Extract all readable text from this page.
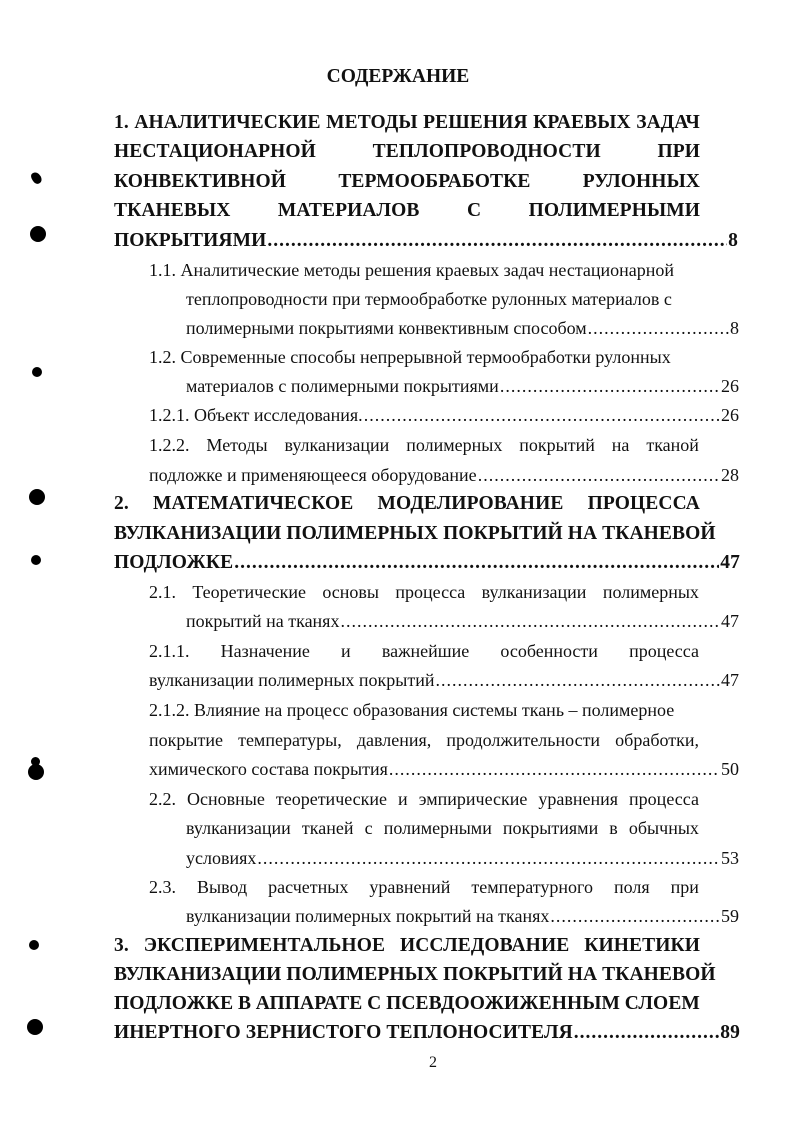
СОДЕРЖАНИЕ
1. АНАЛИТИЧЕСКИЕ МЕТОДЫ РЕШЕНИЯ КРАЕВЫХ ЗАДАЧ
НЕСТАЦИОНАРНОЙ	ТЕПЛОПРОВОДНОСТИ	ПРИ
КОНВЕКТИВНОЙ	ТЕРМООБРАБОТКЕ	РУЛОННЫХ
ТКАНЕВЫХ МАТЕРИАЛОВ С ПОЛИМЕРНЫМИ
ПОКРЫТИЯМИ .....	8
1.1. Аналитические методы решения краевых задач нестационарной
теплопроводности при термообработке рулонных материалов с
полимерными покрытиями конвективным способом .....	8
1.2. Современные способы непрерывной термообработки рулонных
материалов с полимерными покрытиями .....	26
1.2.1. Объект исследования. .....	26
1.2.2. Методы вулканизации полимерных покрытий на тканой
подложке и применяющееся оборудование .....	28
2. МАТЕМАТИЧЕСКОЕ МОДЕЛИРОВАНИЕ ПРОЦЕССА
ВУЛКАНИЗАЦИИ ПОЛИМЕРНЫХ ПОКРЫТИЙ НА ТКАНЕВОЙ
ПОДЛОЖКЕ .....	47
2.1. Теоретические основы процесса вулканизации полимерных
покрытий на тканях .....	47
2.1.1. Назначение и важнейшие особенности процесса
вулканизации полимерных покрытий .....	47
2.1.2. Влияние на процесс образования системы ткань – полимерное
покрытие температуры, давления, продолжительности обработки,
химического состава покрытия .....	50
2.2. Основные теоретические и эмпирические уравнения процесса
вулканизации тканей с полимерными покрытиями в обычных
условиях .....	53
2.3. Вывод расчетных уравнений температурного поля при
вулканизации полимерных покрытий на тканях .....	59
3. ЭКСПЕРИМЕНТАЛЬНОЕ ИССЛЕДОВАНИЕ КИНЕТИКИ
ВУЛКАНИЗАЦИИ ПОЛИМЕРНЫХ ПОКРЫТИЙ НА ТКАНЕВОЙ
ПОДЛОЖКЕ В АППАРАТЕ С ПСЕВДООЖИЖЕННЫМ СЛОЕМ
ИНЕРТНОГО ЗЕРНИСТОГО ТЕПЛОНОСИТЕЛЯ .....	89
2
